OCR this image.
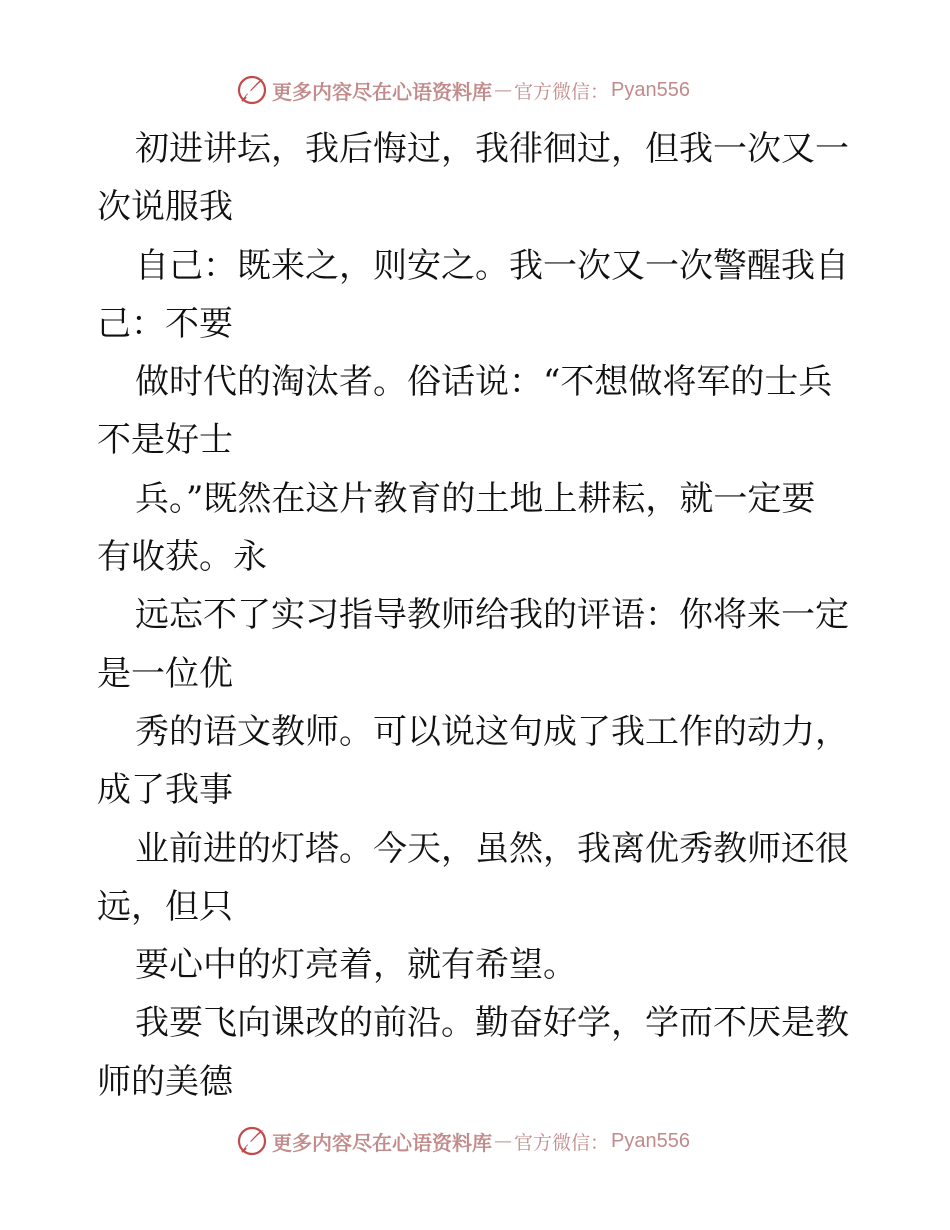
更多内容尽在心语资料库 — 官方微信： Pyan556
初进讲坛，我后悔过，我徘徊过，但我一次又一
次说服我
自己：既来之，则安之。我一次又一次警醒我自
己：不要
做时代的淘汰者。俗话说：“不想做将军的士兵
不是好士
兵。”既然在这片教育的土地上耕耘，就一定要
有收获。永
远忘不了实习指导教师给我的评语：你将来一定
是一位优
秀的语文教师。可以说这句成了我工作的动力，
成了我事
业前进的灯塔。今天，虽然，我离优秀教师还很
远，但只
要心中的灯亮着，就有希望。
我要飞向课改的前沿。勤奋好学，学而不厌是教
师的美德
更多内容尽在心语资料库 — 官方微信： Pyan556
